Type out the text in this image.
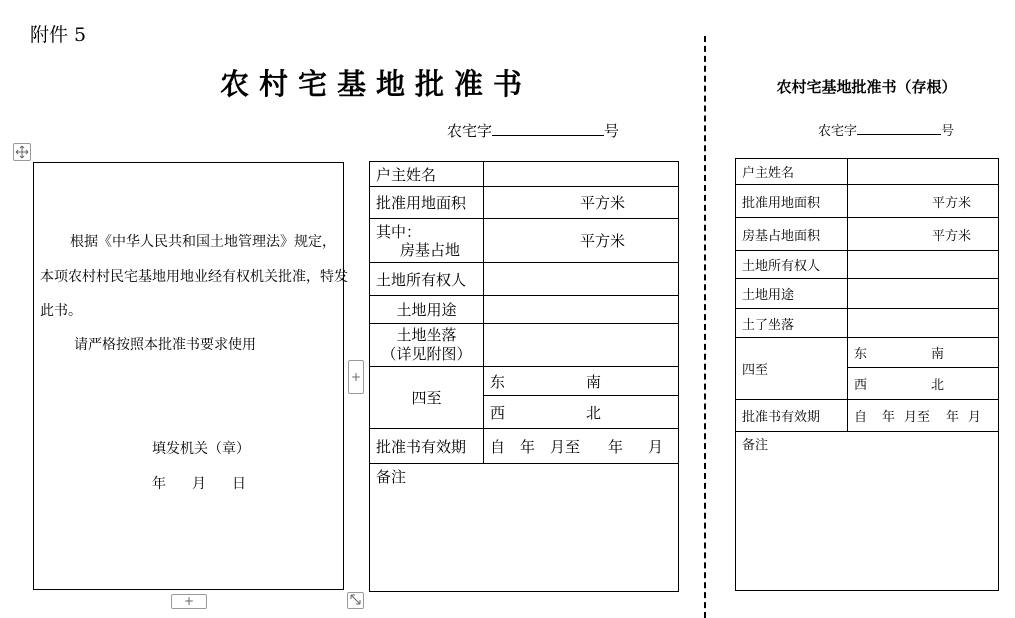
附件 5
农村宅基地批准书
农宅字	号
根据《中华人民共和国土地管理法》规定，
本项农村村民宅基地用地业经有权机关批准，特发
此书。
请严格按照本批准书要求使用
填发机关（章）
年 月 日
户主姓名	
批准用地面积	平方米

其中：
房基占地	平方米
土地所有权人	
土地用途	

土地坐落
（详见附图）	

四至	东 南
	西 北
批准书有效期	自 年 月至 年 月
备注	
+
+
农村宅基地批准书（存根）
农宅字	号
户主姓名	
批准用地面积	平方米
房基占地面积	平方米
土地所有权人	
土地用途	
土了坐落	
四至	东 南
	西 北
批准书有效期	自 年 月至 年 月
备注	
